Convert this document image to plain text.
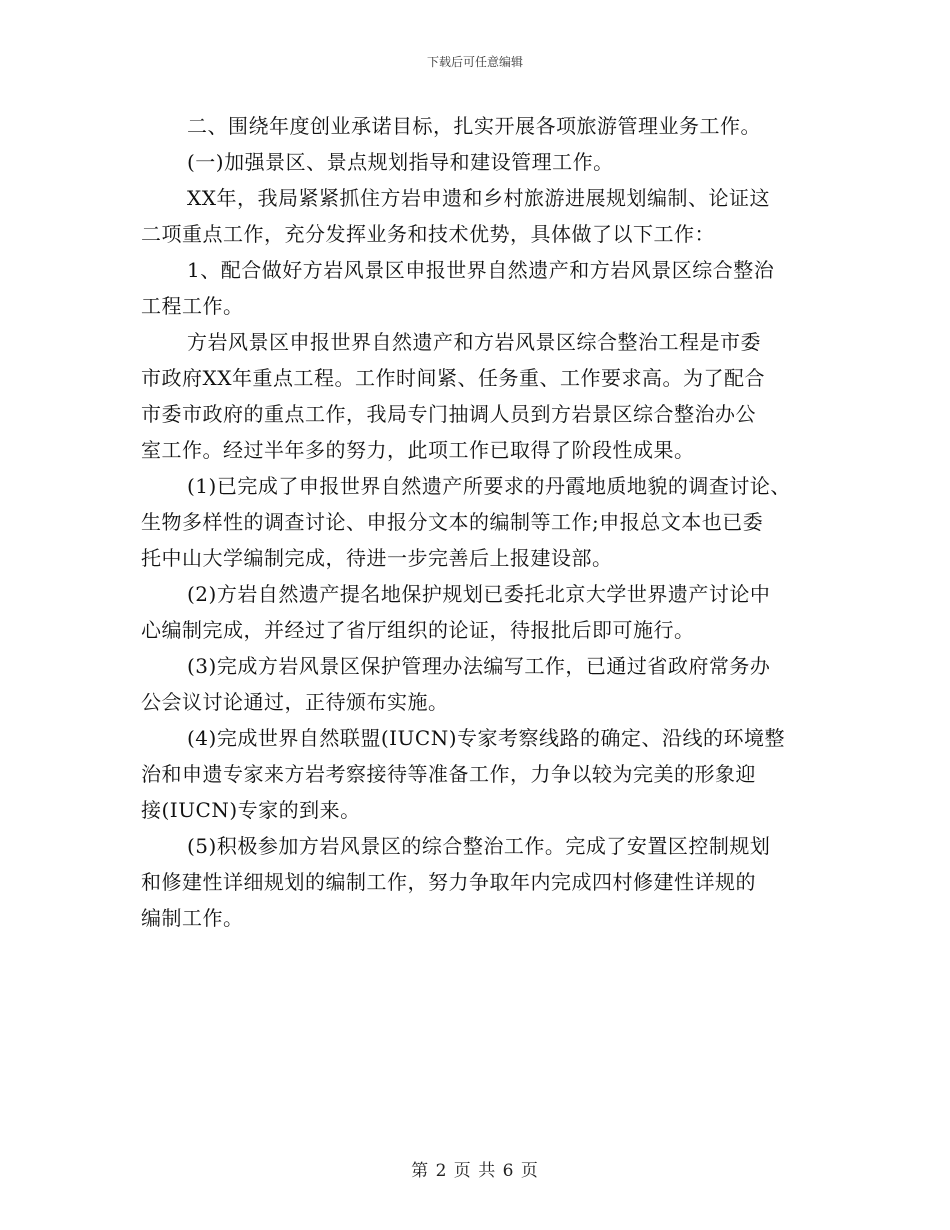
下载后可任意编辑
二、围绕年度创业承诺目标，扎实开展各项旅游管理业务工作。
(一)加强景区、景点规划指导和建设管理工作。
XX年，我局紧紧抓住方岩申遗和乡村旅游进展规划编制、论证这
二项重点工作，充分发挥业务和技术优势，具体做了以下工作：
1、配合做好方岩风景区申报世界自然遗产和方岩风景区综合整治
工程工作。
方岩风景区申报世界自然遗产和方岩风景区综合整治工程是市委
市政府XX年重点工程。工作时间紧、任务重、工作要求高。为了配合
市委市政府的重点工作，我局专门抽调人员到方岩景区综合整治办公
室工作。经过半年多的努力，此项工作已取得了阶段性成果。
(1)已完成了申报世界自然遗产所要求的丹霞地质地貌的调查讨论、
生物多样性的调查讨论、申报分文本的编制等工作;申报总文本也已委
托中山大学编制完成，待进一步完善后上报建设部。
(2)方岩自然遗产提名地保护规划已委托北京大学世界遗产讨论中
心编制完成，并经过了省厅组织的论证，待报批后即可施行。
(3)完成方岩风景区保护管理办法编写工作，已通过省政府常务办
公会议讨论通过，正待颁布实施。
(4)完成世界自然联盟(IUCN)专家考察线路的确定、沿线的环境整
治和申遗专家来方岩考察接待等准备工作，力争以较为完美的形象迎
接(IUCN)专家的到来。
(5)积极参加方岩风景区的综合整治工作。完成了安置区控制规划
和修建性详细规划的编制工作，努力争取年内完成四村修建性详规的
编制工作。
第 2 页 共 6 页
